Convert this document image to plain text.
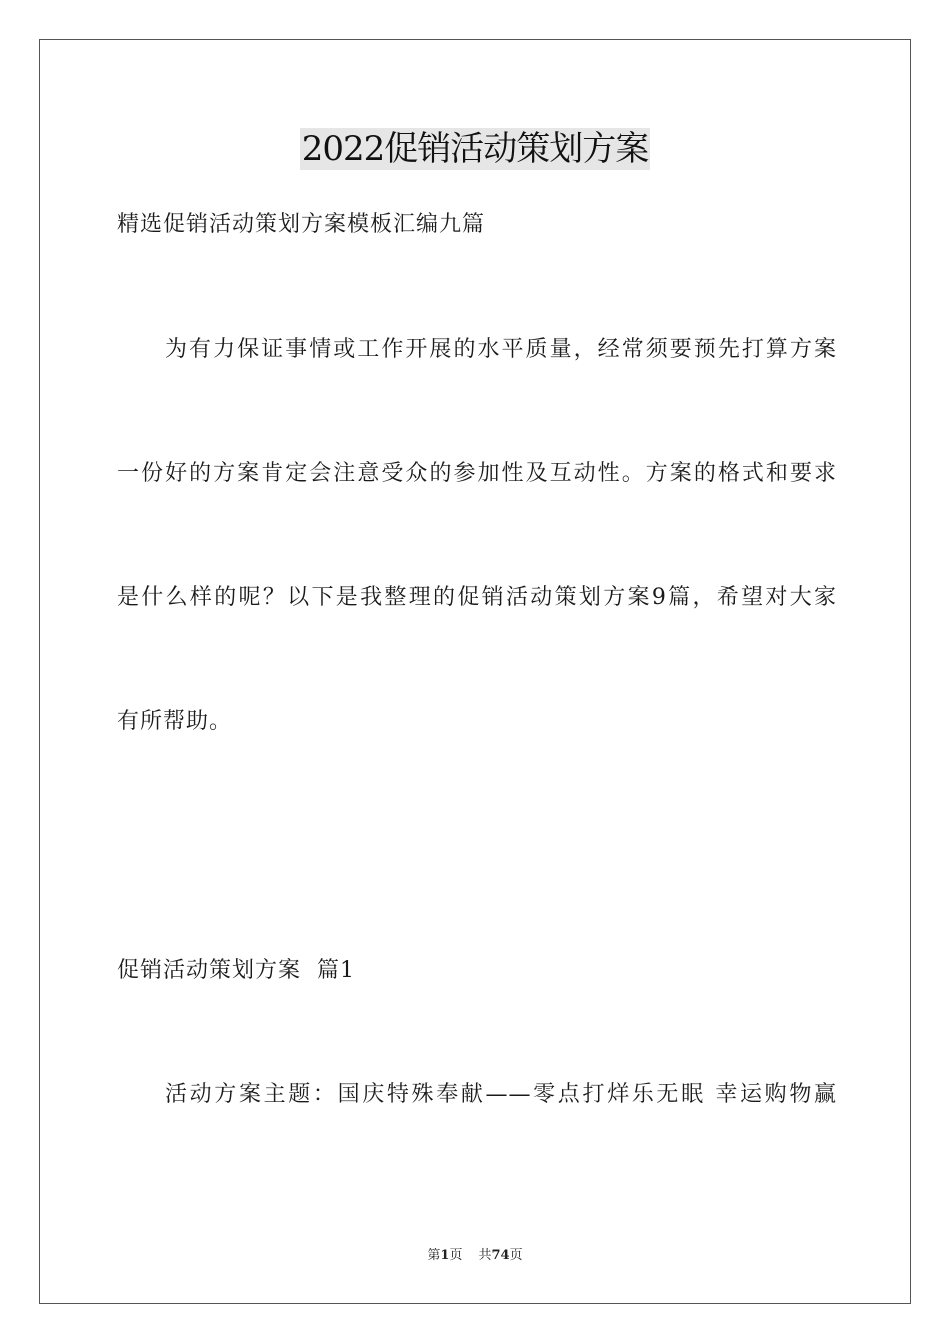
2022促销活动策划方案
精选促销活动策划方案模板汇编九篇
为有力保证事情或工作开展的水平质量，经常须要预先打算方案
一份好的方案肯定会注意受众的参加性及互动性。方案的格式和要求
是什么样的呢？以下是我整理的促销活动策划方案9篇，希望对大家
有所帮助。
促销活动策划方案  篇1
活动方案主题：国庆特殊奉献——零点打烊乐无眠 幸运购物赢
第1页 共74页
